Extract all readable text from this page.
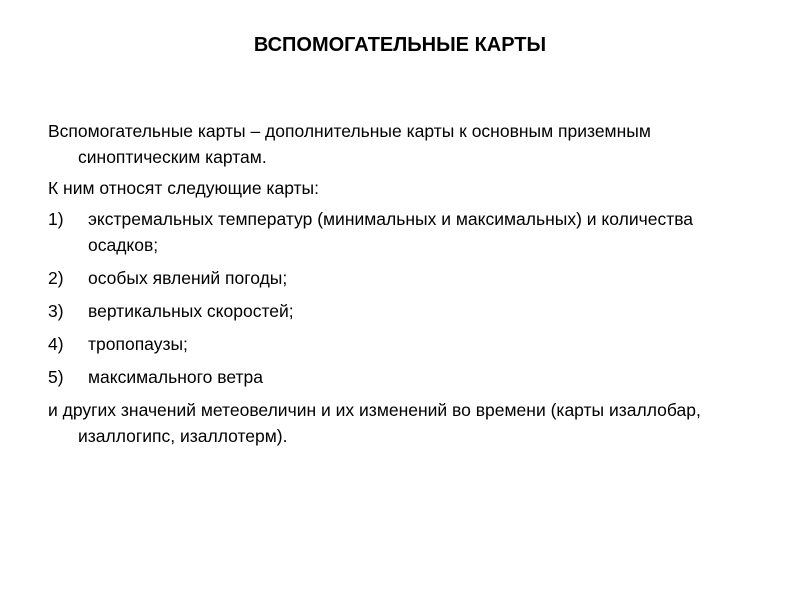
ВСПОМОГАТЕЛЬНЫЕ КАРТЫ

Вспомогательные карты – дополнительные карты к основным приземным синоптическим картам.

К ним относят следующие карты:

1) экстремальных температур (минимальных и максимальных) и количества осадков;
2) особых явлений погоды;
3) вертикальных скоростей;
4) тропопаузы;
5) максимального ветра

и других значений метеовеличин и их изменений во времени (карты изаллобар, изаллогипс, изаллотерм).
